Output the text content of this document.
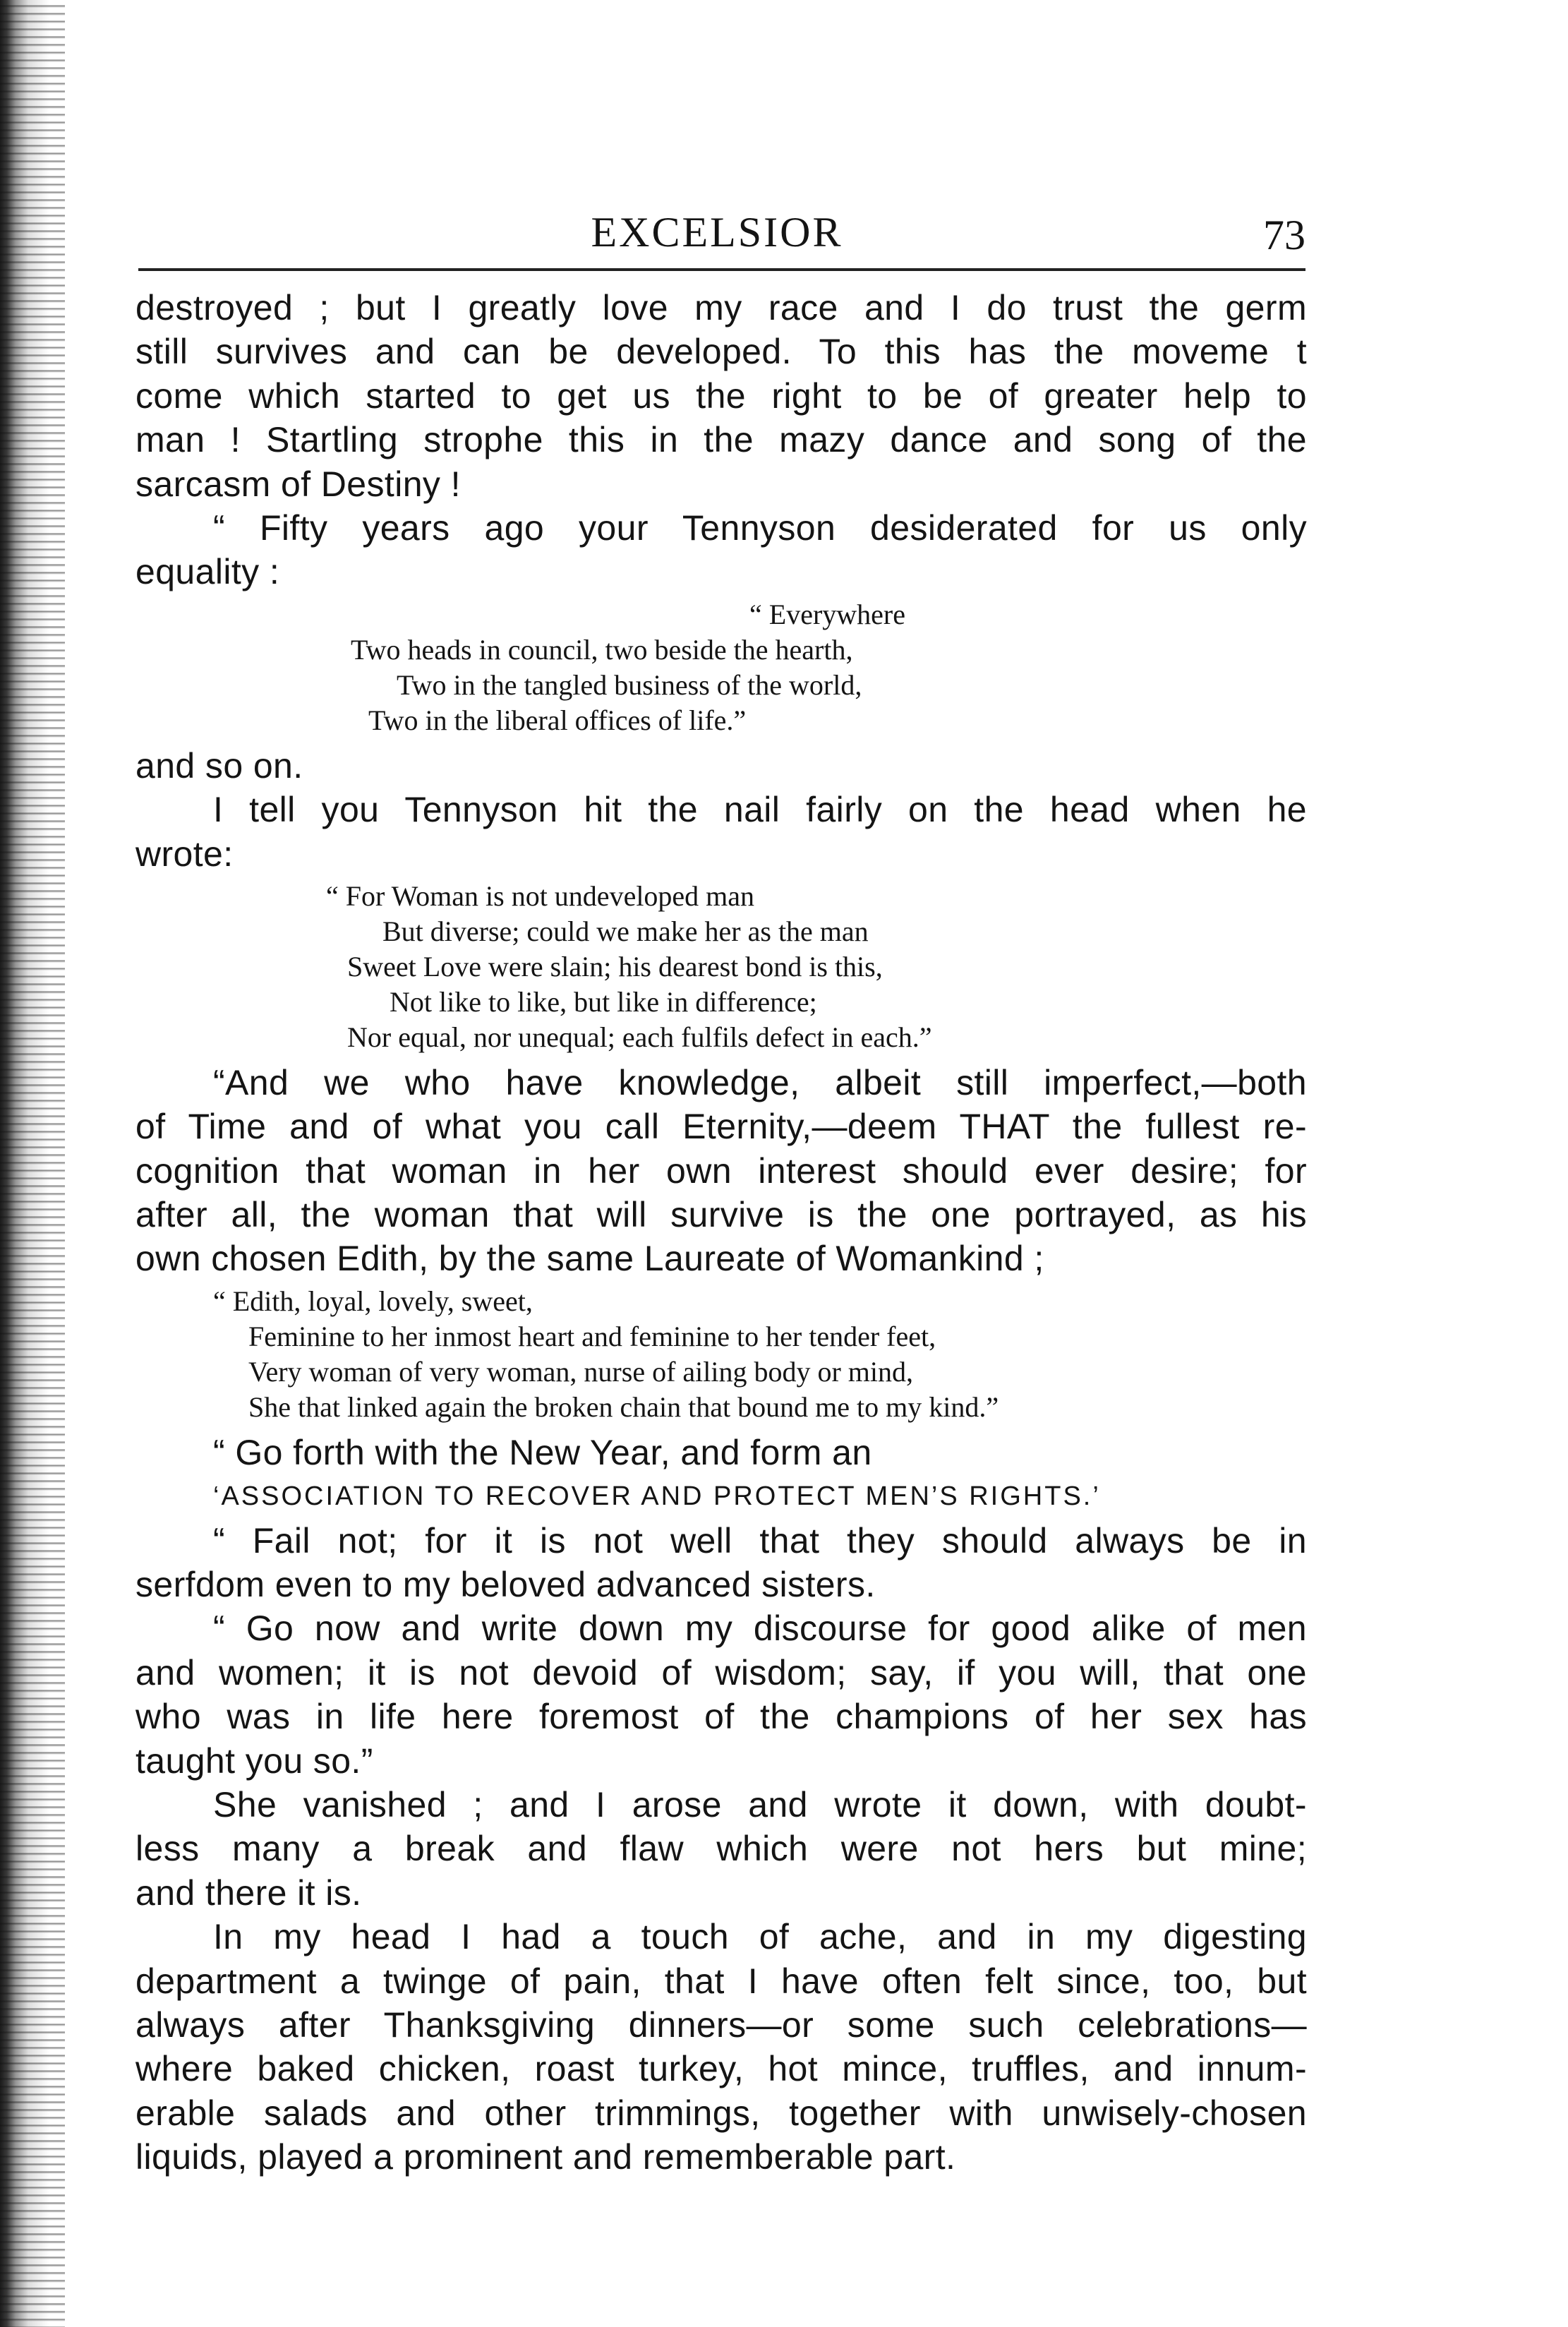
EXCELSIOR	73
destroyed ; but I greatly love my race and I do trust the germ
still survives and can be developed. To this has the moveme t
come which started to get us the right to be of greater help to
man ! Startling strophe this in the mazy dance and song of the
sarcasm of Destiny !
“ Fifty years ago your Tennyson desiderated for us only
equality :
“ Everywhere
Two heads in council, two beside the hearth,
Two in the tangled business of the world,
Two in the liberal offices of life.”
and so on.
I tell you Tennyson hit the nail fairly on the head when he
wrote:
“ For Woman is not undeveloped man
But diverse; could we make her as the man
Sweet Love were slain; his dearest bond is this,
Not like to like, but like in difference;
Nor equal, nor unequal; each fulfils defect in each.”
“And we who have knowledge, albeit still imperfect,—both
of Time and of what you call Eternity,—deem THAT the fullest re-
cognition that woman in her own interest should ever desire; for
after all, the woman that will survive is the one portrayed, as his
own chosen Edith, by the same Laureate of Womankind ;
“ Edith, loyal, lovely, sweet,
Feminine to her inmost heart and feminine to her tender feet,
Very woman of very woman, nurse of ailing body or mind,
She that linked again the broken chain that bound me to my kind.”
“ Go forth with the New Year, and form an
‘ASSOCIATION TO RECOVER AND PROTECT MEN’S RIGHTS.’
“ Fail not; for it is not well that they should always be in
serfdom even to my beloved advanced sisters.
“ Go now and write down my discourse for good alike of men
and women; it is not devoid of wisdom; say, if you will, that one
who was in life here foremost of the champions of her sex has
taught you so.”
She vanished ; and I arose and wrote it down, with doubt-
less many a break and flaw which were not hers but mine;
and there it is.
In my head I had a touch of ache, and in my digesting
department a twinge of pain, that I have often felt since, too, but
always after Thanksgiving dinners—or some such celebrations—
where baked chicken, roast turkey, hot mince, truffles, and innum-
erable salads and other trimmings, together with unwisely-chosen
liquids, played a prominent and rememberable part.
